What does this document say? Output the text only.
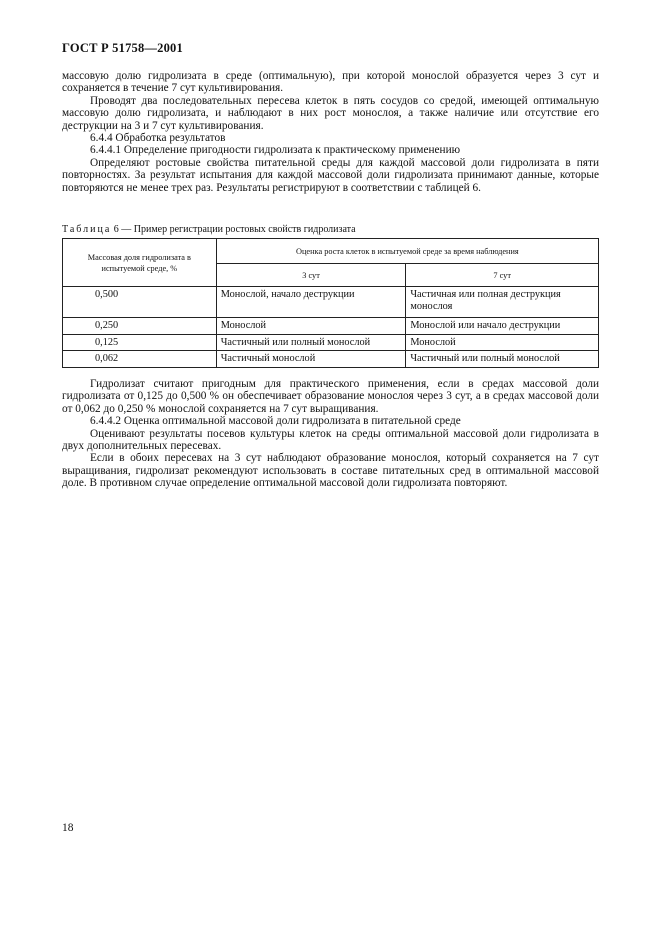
ГОСТ Р 51758—2001

массовую долю гидролизата в среде (оптимальную), при которой монослой образуется через 3 сут и сохраняется в течение 7 сут культивирования.

Проводят два последовательных пересева клеток в пять сосудов со средой, имеющей оптимальную массовую долю гидролизата, и наблюдают в них рост монослоя, а также наличие или отсутствие его деструкции на 3 и 7 сут культивирования.

6.4.4 Обработка результатов

6.4.4.1 Определение пригодности гидролизата к практическому применению

Определяют ростовые свойства питательной среды для каждой массовой доли гидролизата в пяти повторностях. За результат испытания для каждой массовой доли гидролизата принимают данные, которые повторяются не менее трех раз. Результаты регистрируют в соответствии с таблицей 6.

Таблица 6 — Пример регистрации ростовых свойств гидролизата
Массовая доля гидролизата в испытуемой среде, %	Оценка роста клеток в испытуемой среде за время наблюдения	
	3 сут	7 сут
0,500	Монослой, начало деструкции	Частичная или полная деструкция монослоя
0,250	Монослой	Монослой или начало деструкции
0,125	Частичный или полный монослой	Монослой
0,062	Частичный монослой	Частичный или полный монослой

Гидролизат считают пригодным для практического применения, если в средах массовой доли гидролизата от 0,125 до 0,500 % он обеспечивает образование монослоя через 3 сут, а в средах массовой доли от 0,062 до 0,250 % монослой сохраняется на 7 сут выращивания.

6.4.4.2 Оценка оптимальной массовой доли гидролизата в питательной среде

Оценивают результаты посевов культуры клеток на среды оптимальной массовой доли гидролизата в двух дополнительных пересевах.

Если в обоих пересевах на 3 сут наблюдают образование монослоя, который сохраняется на 7 сут выращивания, гидролизат рекомендуют использовать в составе питательных сред в оптимальной массовой доле. В противном случае определение оптимальной массовой доли гидролизата повторяют.

18
